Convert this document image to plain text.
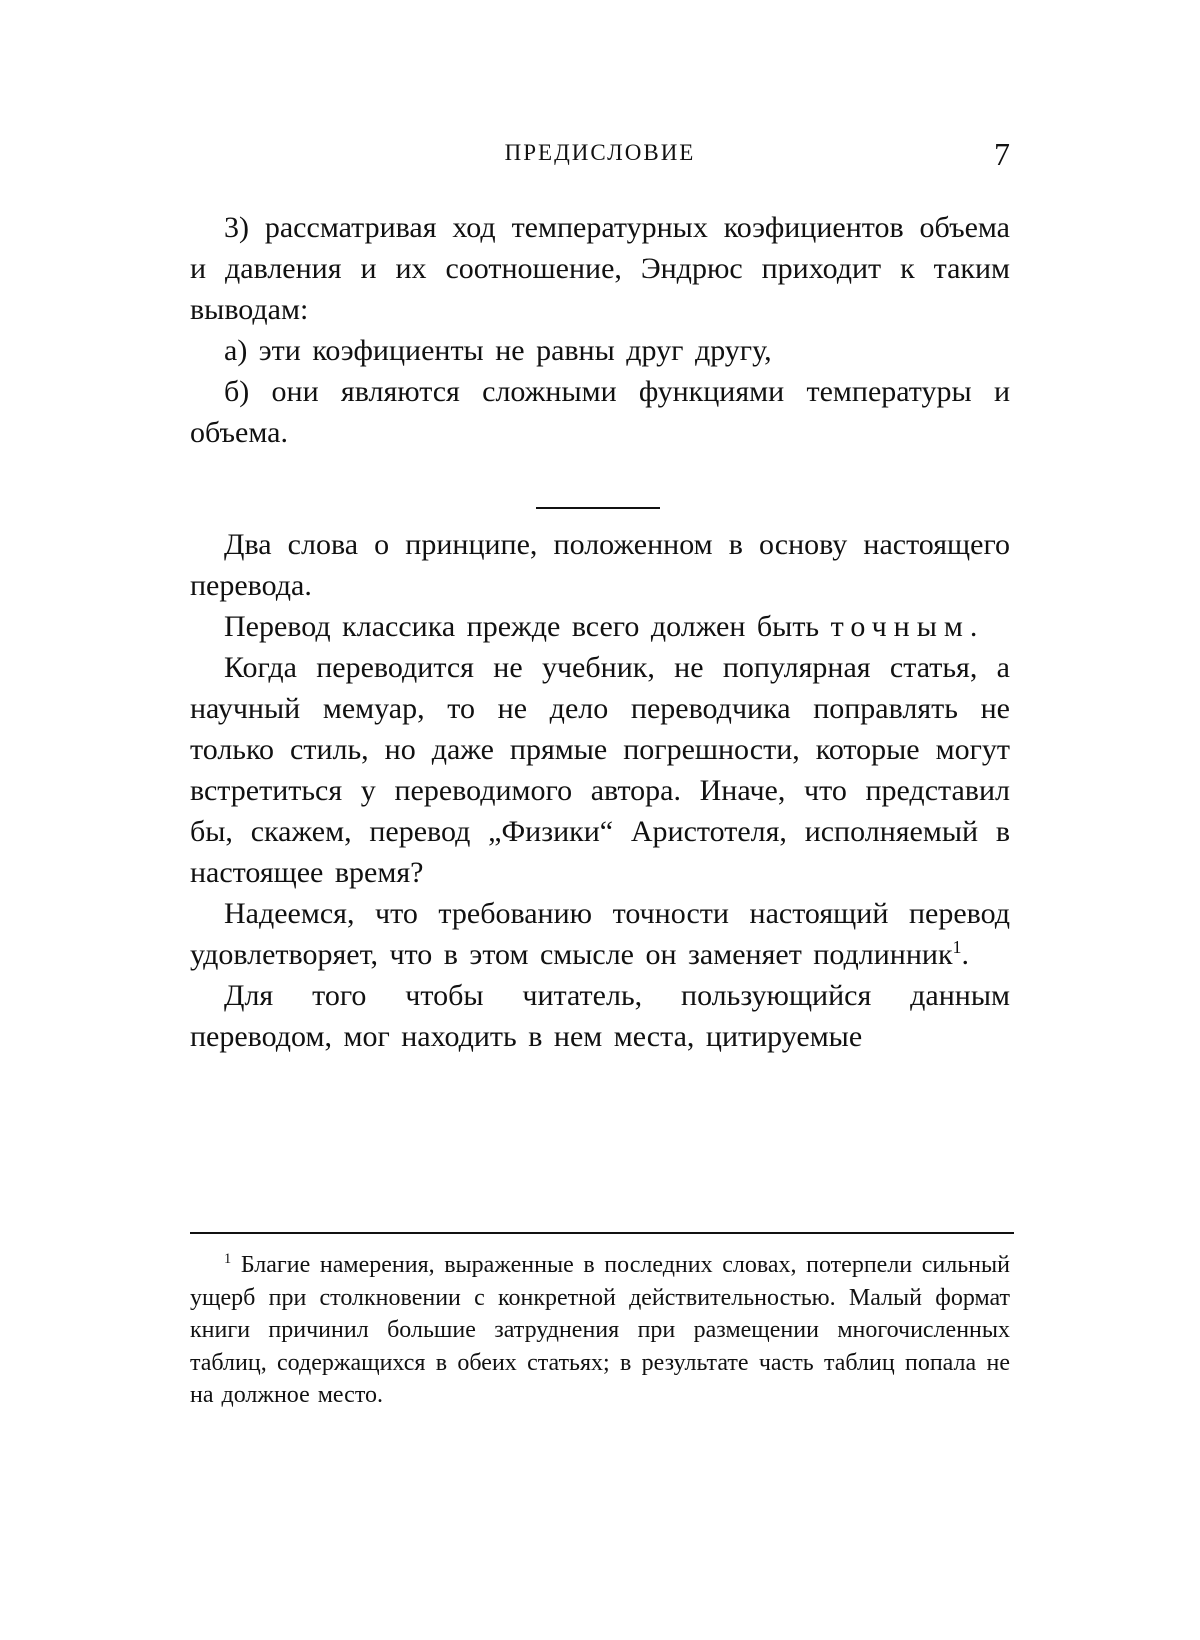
ПРЕДИСЛОВИЕ	7

3) рассматривая ход температурных коэфициентов объема и давления и их соотношение, Эндрюс приходит к таким выводам:

а) эти коэфициенты не равны друг другу,

б) они являются сложными функциями температуры и объема.

Два слова о принципе, положенном в основу настоящего перевода.

Перевод классика прежде всего должен быть точным.

Когда переводится не учебник, не популярная статья, а научный мемуар, то не дело переводчика поправлять не только стиль, но даже прямые погрешности, которые могут встретиться у переводимого автора. Иначе, что представил бы, скажем, перевод „Физики“ Аристотеля, исполняемый в настоящее время?

Надеемся, что требованию точности настоящий перевод удовлетворяет, что в этом смысле он заменяет подлинник$^1$.

Для того чтобы читатель, пользующийся данным переводом, мог находить в нем места, цитируемые

$^1$ Благие намерения, выраженные в последних словах, потерпели сильный ущерб при столкновении с конкретной действительностью. Малый формат книги причинил большие затруднения при размещении многочисленных таблиц, содержащихся в обеих статьях; в результате часть таблиц попала не на должное место.
